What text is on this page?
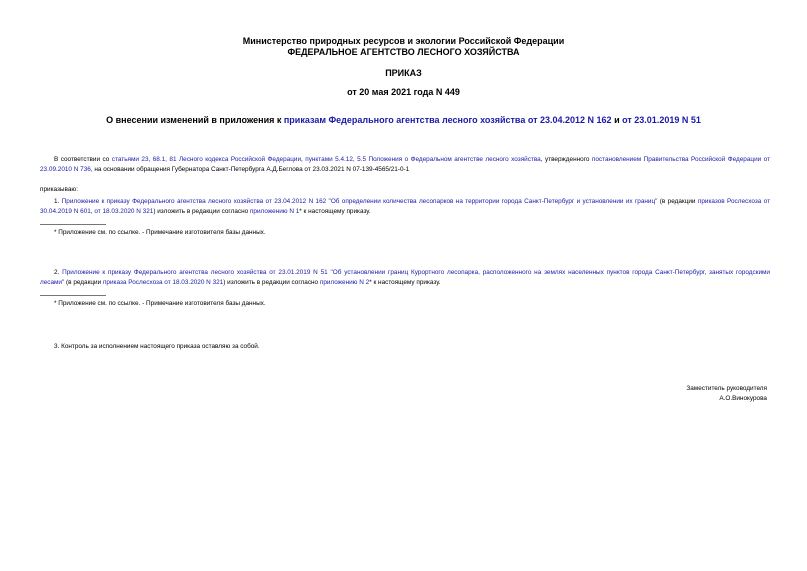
Министерство природных ресурсов и экологии Российской Федерации
ФЕДЕРАЛЬНОЕ АГЕНТСТВО ЛЕСНОГО ХОЗЯЙСТВА
ПРИКАЗ
от 20 мая 2021 года N 449
О внесении изменений в приложения к приказам Федерального агентства лесного хозяйства от 23.04.2012 N 162 и от 23.01.2019 N 51
В соответствии со статьями 23, 68.1, 81 Лесного кодекса Российской Федерации, пунктами 5.4.12, 5.5 Положения о Федеральном агентстве лесного хозяйства, утвержденного постановлением Правительства Российской Федерации от 23.09.2010 N 736, на основании обращения Губернатора Санкт-Петербурга А.Д.Беглова от 23.03.2021 N 07-139-4565/21-0-1
приказываю:
1. Приложение к приказу Федерального агентства лесного хозяйства от 23.04.2012 N 162 "Об определении количества лесопарков на территории города Санкт-Петербург и установлении их границ" (в редакции приказов Рослесхоза от 30.04.2019 N 601, от 18.03.2020 N 321) изложить в редакции согласно приложению N 1* к настоящему приказу.
* Приложение см. по ссылке. - Примечание изготовителя базы данных.
2. Приложение к приказу Федерального агентства лесного хозяйства от 23.01.2019 N 51 "Об установлении границ Курортного лесопарка, расположенного на землях населенных пунктов города Санкт-Петербург, занятых городскими лесами" (в редакции приказа Рослесхоза от 18.03.2020 N 321) изложить в редакции согласно приложению N 2* к настоящему приказу.
* Приложение см. по ссылке. - Примечание изготовителя базы данных.
3. Контроль за исполнением настоящего приказа оставляю за собой.
Заместитель руководителя
А.О.Винокурова
